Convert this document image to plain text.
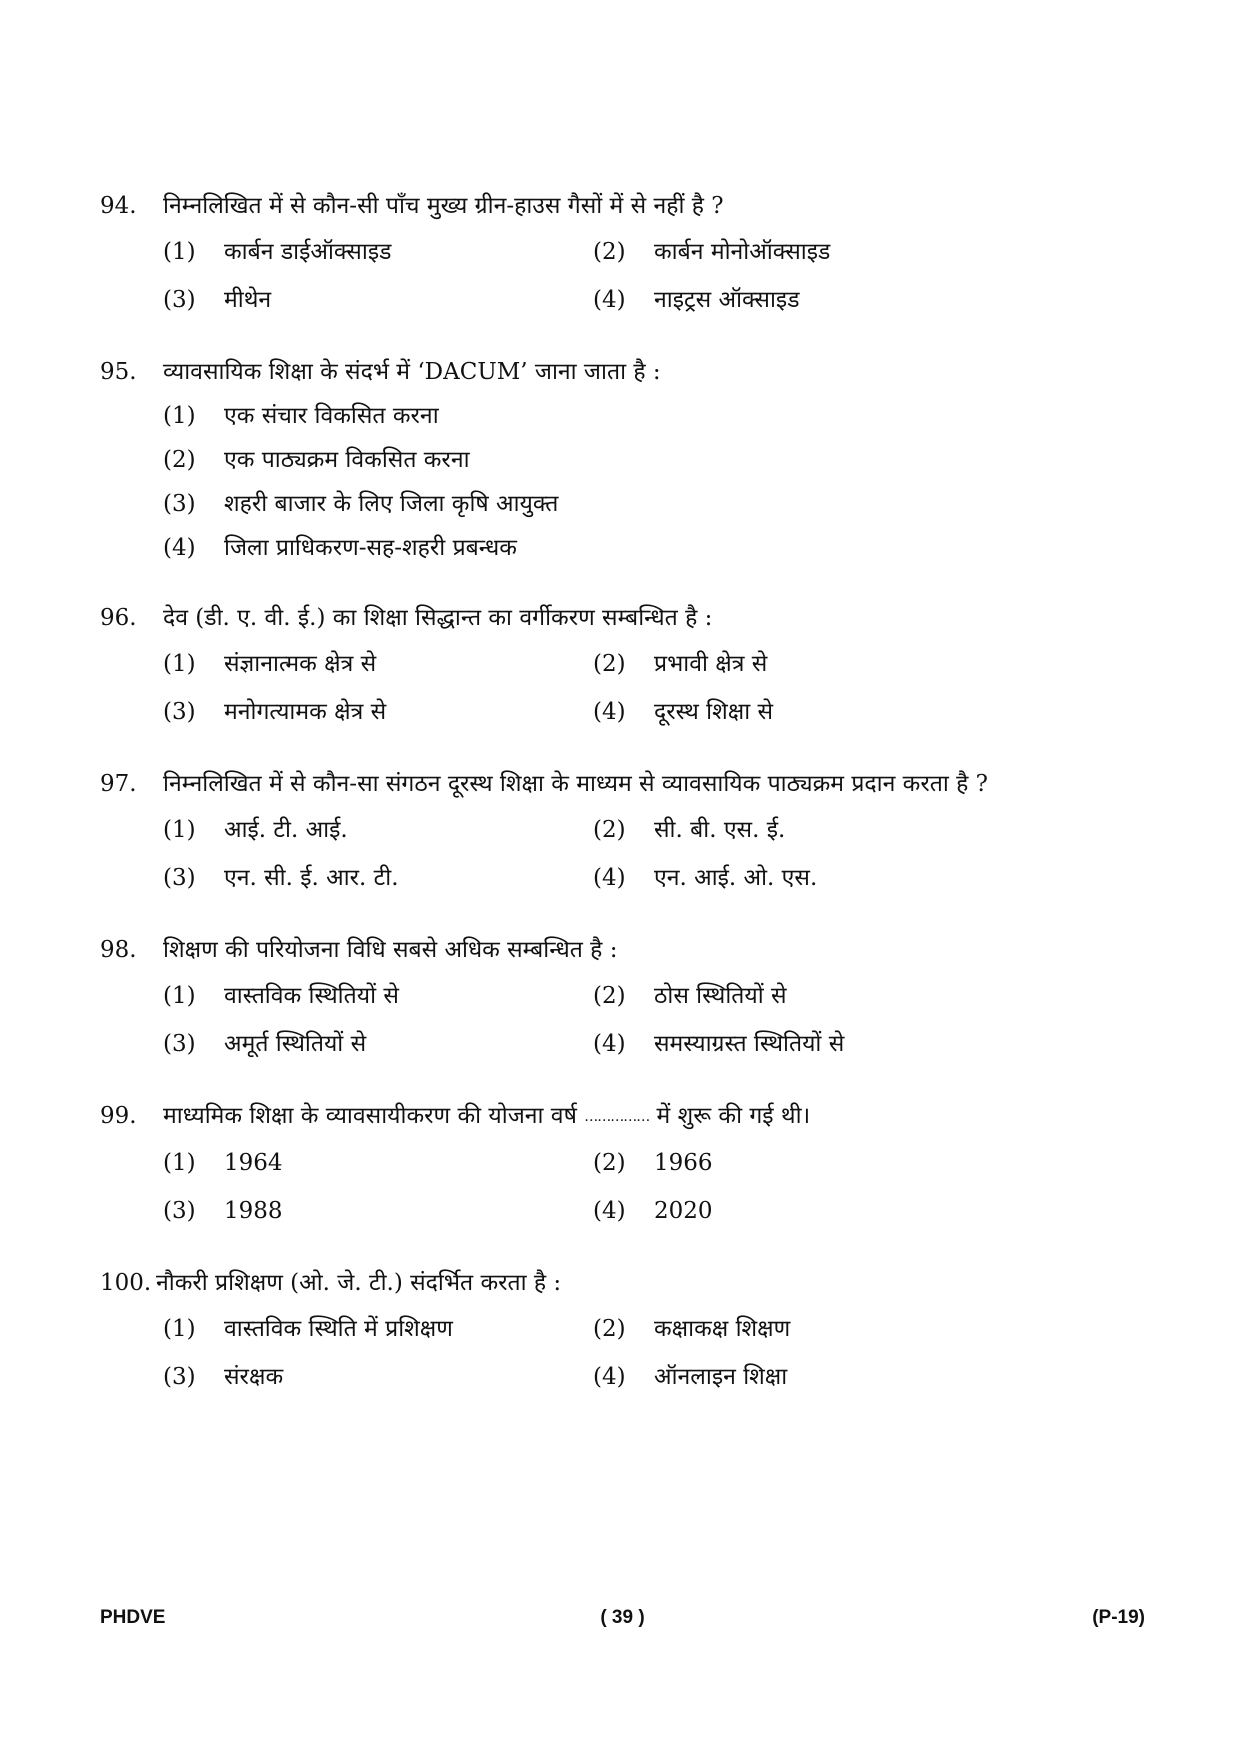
94.	निम्नलिखित में से कौन-सी पाँच मुख्य ग्रीन-हाउस गैसों में से नहीं है ?
(1)	कार्बन डाईऑक्साइड	(2)	कार्बन मोनोऑक्साइड
(3)	मीथेन	(4)	नाइट्रस ऑक्साइड
95.	व्यावसायिक शिक्षा के संदर्भ में ‘DACUM’ जाना जाता है :
(1)	एक संचार विकसित करना
(2)	एक पाठ्यक्रम विकसित करना
(3)	शहरी बाजार के लिए जिला कृषि आयुक्त
(4)	जिला प्राधिकरण-सह-शहरी प्रबन्धक
96.	देव (डी. ए. वी. ई.) का शिक्षा सिद्धान्त का वर्गीकरण सम्बन्धित है :
(1)	संज्ञानात्मक क्षेत्र से	(2)	प्रभावी क्षेत्र से
(3)	मनोगत्यामक क्षेत्र से	(4)	दूरस्थ शिक्षा से
97.	निम्नलिखित में से कौन-सा संगठन दूरस्थ शिक्षा के माध्यम से व्यावसायिक पाठ्यक्रम प्रदान करता है ?
(1)	आई. टी. आई.	(2)	सी. बी. एस. ई.
(3)	एन. सी. ई. आर. टी.	(4)	एन. आई. ओ. एस.
98.	शिक्षण की परियोजना विधि सबसे अधिक सम्बन्धित है :
(1)	वास्तविक स्थितियों से	(2)	ठोस स्थितियों से
(3)	अमूर्त स्थितियों से	(4)	समस्याग्रस्त स्थितियों से
99.	माध्यमिक शिक्षा के व्यावसायीकरण की योजना वर्ष …………… में शुरू की गई थी।
(1)	1964	(2)	1966
(3)	1988	(4)	2020
100. नौकरी प्रशिक्षण (ओ. जे. टी.) संदर्भित करता है :
(1)	वास्तविक स्थिति में प्रशिक्षण	(2)	कक्षाकक्ष शिक्षण
(3)	संरक्षक	(4)	ऑनलाइन शिक्षा
PHDVE	( 39 )	(P-19)
